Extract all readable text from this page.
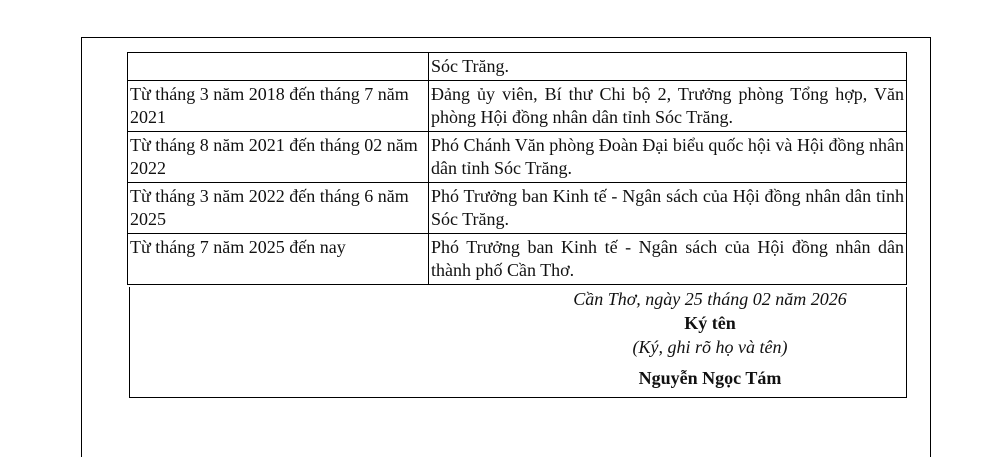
	Sóc Trăng.
Từ tháng 3 năm 2018 đến tháng 7 năm 2021	Đảng ủy viên, Bí thư Chi bộ 2, Trưởng phòng Tổng hợp, Văn phòng Hội đồng nhân dân tỉnh Sóc Trăng.
Từ tháng 8 năm 2021 đến tháng 02 năm 2022	Phó Chánh Văn phòng Đoàn Đại biểu quốc hội và Hội đồng nhân dân tỉnh Sóc Trăng.
Từ tháng 3 năm 2022 đến tháng 6 năm 2025	Phó Trưởng ban Kinh tế - Ngân sách của Hội đồng nhân dân tỉnh Sóc Trăng.
Từ tháng 7 năm 2025 đến nay	Phó Trưởng ban Kinh tế - Ngân sách của Hội đồng nhân dân thành phố Cần Thơ.
Cần Thơ, ngày 25 tháng 02 năm 2026
Ký tên
(Ký, ghi rõ họ và tên)
Nguyễn Ngọc Tám
